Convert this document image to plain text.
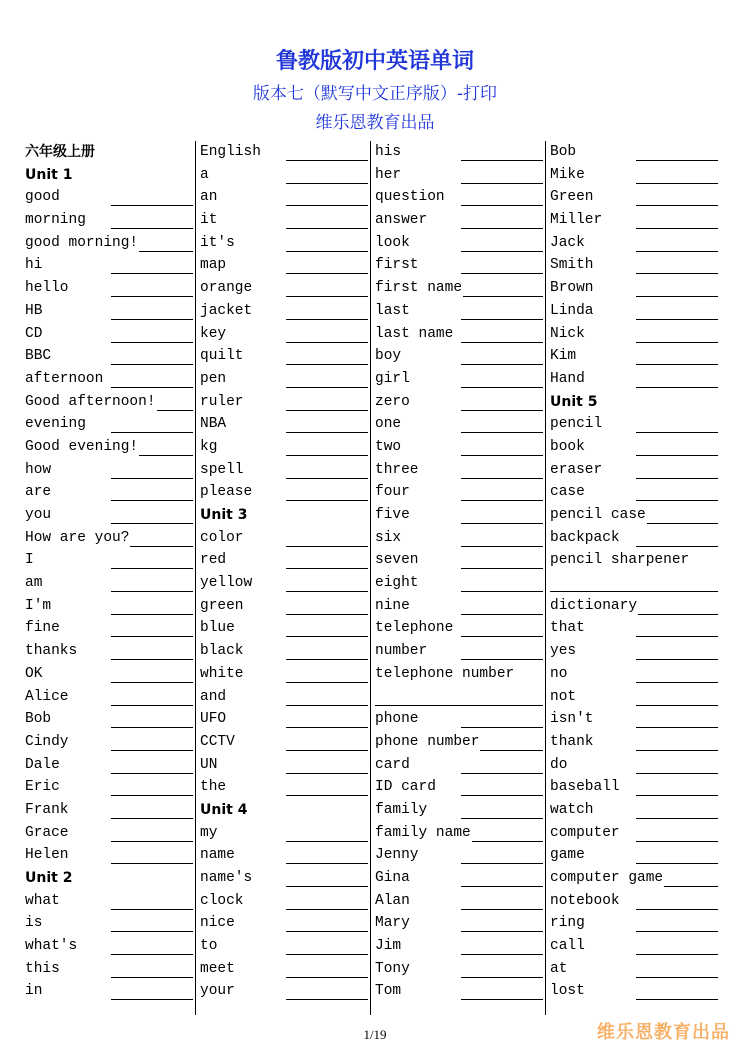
鲁教版初中英语单词
版本七（默写中文正序版）-打印
维乐恩教育出品
六年级上册
Unit 1
good
morning
good morning!
hi
hello
HB
CD
BBC
afternoon
Good afternoon!
evening
Good evening!
how
are
you
How are you?
I
am
I'm
fine
thanks
OK
Alice
Bob
Cindy
Dale
Eric
Frank
Grace
Helen
Unit 2
what
is
what's
this
in
English
a
an
it
it's
map
orange
jacket
key
quilt
pen
ruler
NBA
kg
spell
please
Unit 3
color
red
yellow
green
blue
black
white
and
UFO
CCTV
UN
the
Unit 4
my
name
name's
clock
nice
to
meet
your
his
her
question
answer
look
first
first name
last
last name
boy
girl
zero
one
two
three
four
five
six
seven
eight
nine
telephone
number
telephone number
phone
phone number
card
ID card
family
family name
Jenny
Gina
Alan
Mary
Jim
Tony
Tom
Bob
Mike
Green
Miller
Jack
Smith
Brown
Linda
Nick
Kim
Hand
Unit 5
pencil
book
eraser
case
pencil case
backpack
pencil sharpener
dictionary
that
yes
no
not
isn't
thank
do
baseball
watch
computer
game
computer game
notebook
ring
call
at
lost
1/19	维乐恩教育出品
